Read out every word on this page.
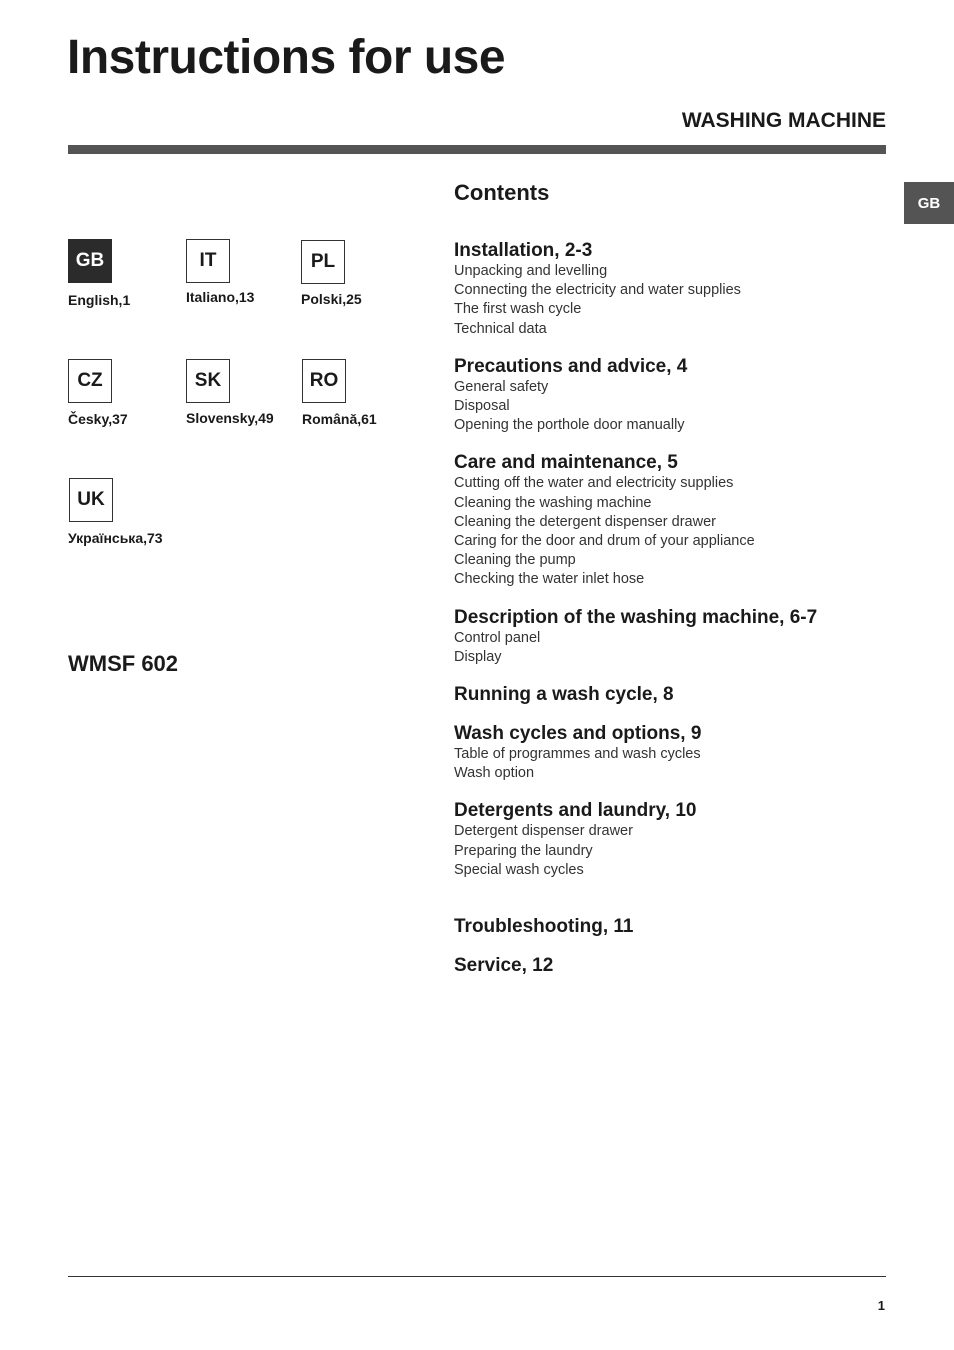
Instructions for use
WASHING MACHINE
GB
GB
English,1
IT
Italiano,13
PL
Polski,25
CZ
Česky,37
SK
Slovensky,49
RO
Română,61
UK
Українська,73
WMSF 602
Contents
Installation, 2-3
Unpacking and levelling
Connecting the electricity and water supplies
The first wash cycle
Technical data
Precautions and advice, 4
General safety
Disposal
Opening the porthole door manually
Care and maintenance, 5
Cutting off the water and electricity supplies
Cleaning the washing machine
Cleaning the detergent dispenser drawer
Caring for the door and drum of your appliance
Cleaning the pump
Checking the water inlet hose
Description of the washing machine, 6-7
Control panel
Display
Running a wash cycle, 8
Wash cycles and options, 9
Table of programmes and wash cycles
Wash option
Detergents and laundry, 10
Detergent dispenser drawer
Preparing the laundry
Special wash cycles
Troubleshooting, 11
Service, 12
1
